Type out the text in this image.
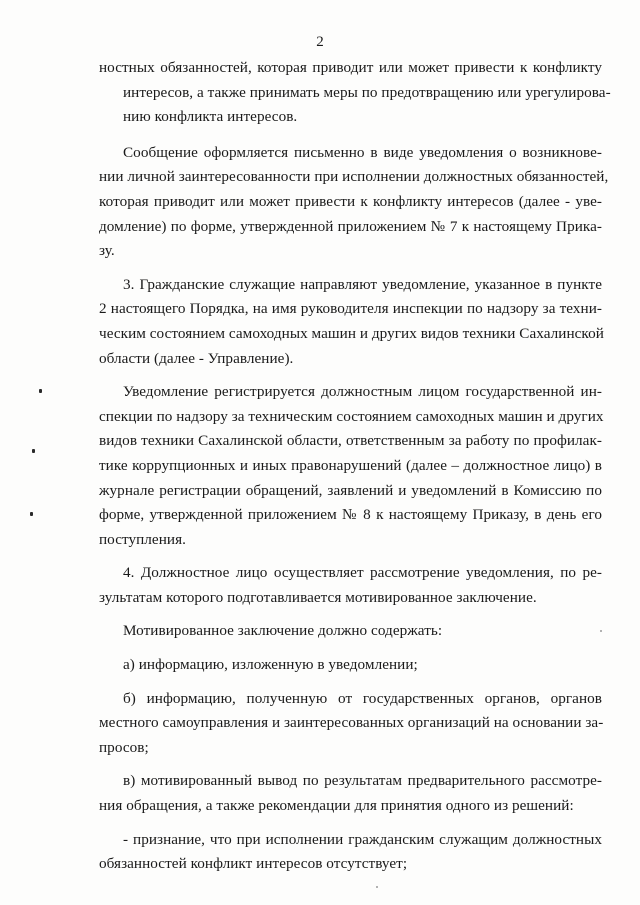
2
ностных обязанностей, которая приводит или может привести к конфликту
интересов, а также принимать меры по предотвращению или урегулирова-
нию конфликта интересов.
Сообщение оформляется письменно в виде уведомления о возникнове-
нии личной заинтересованности при исполнении должностных обязанностей,
которая приводит или может привести к конфликту интересов (далее - уве-
домление) по форме, утвержденной приложением № 7 к настоящему Прика-
зу.
3. Гражданские служащие направляют уведомление, указанное в пункте
2 настоящего Порядка, на имя руководителя инспекции по надзору за техни-
ческим состоянием самоходных машин и других видов техники Сахалинской
области (далее - Управление).
Уведомление регистрируется должностным лицом государственной ин-
спекции по надзору за техническим состоянием самоходных машин и других
видов техники Сахалинской области, ответственным за работу по профилак-
тике коррупционных и иных правонарушений (далее – должностное лицо) в
журнале регистрации обращений, заявлений и уведомлений в Комиссию по
форме, утвержденной приложением № 8 к настоящему Приказу, в день его
поступления.
4. Должностное лицо осуществляет рассмотрение уведомления, по ре-
зультатам которого подготавливается мотивированное заключение.
Мотивированное заключение должно содержать:
а) информацию, изложенную в уведомлении;
б) информацию, полученную от государственных органов, органов
местного самоуправления и заинтересованных организаций на основании за-
просов;
в) мотивированный вывод по результатам предварительного рассмотре-
ния обращения, а также рекомендации для принятия одного из решений:
- признание, что при исполнении гражданским служащим должностных
обязанностей конфликт интересов отсутствует;
